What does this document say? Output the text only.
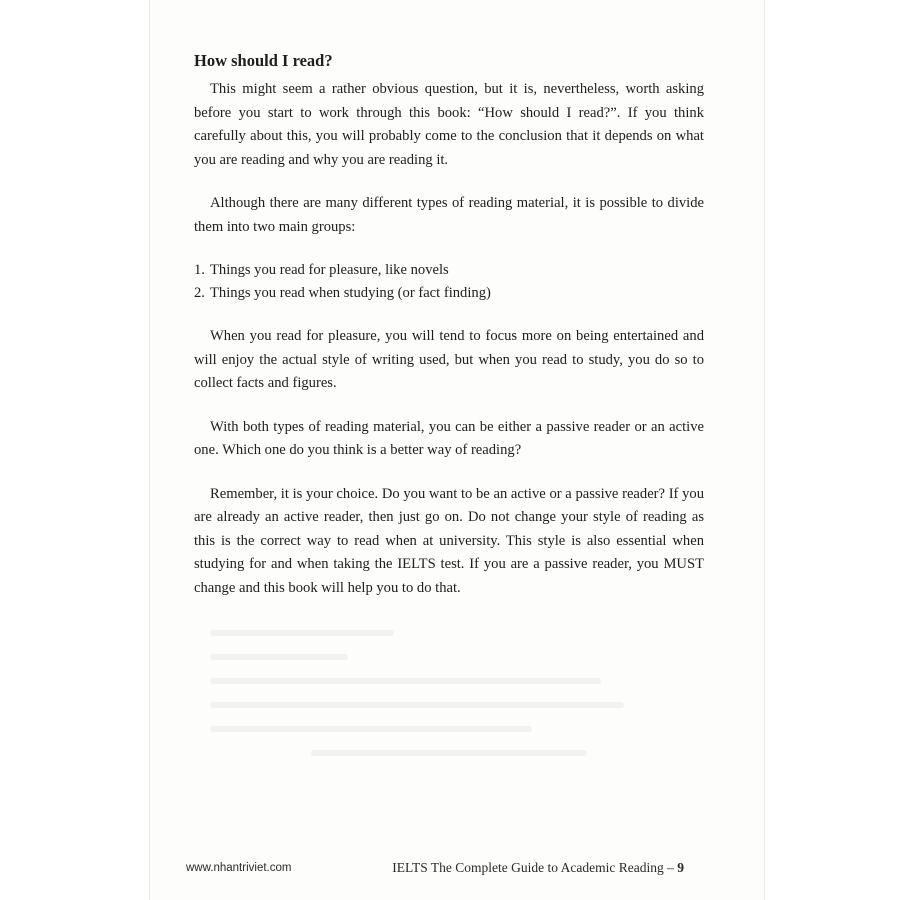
How should I read?

This might seem a rather obvious question, but it is, nevertheless, worth asking before you start to work through this book: “How should I read?”. If you think carefully about this, you will probably come to the conclusion that it depends on what you are reading and why you are reading it.

Although there are many different types of reading material, it is possible to divide them into two main groups:

1. Things you read for pleasure, like novels
2. Things you read when studying (or fact finding)

When you read for pleasure, you will tend to focus more on being entertained and will enjoy the actual style of writing used, but when you read to study, you do so to collect facts and figures.

With both types of reading material, you can be either a passive reader or an active one. Which one do you think is a better way of reading?

Remember, it is your choice. Do you want to be an active or a passive reader? If you are already an active reader, then just go on. Do not change your style of reading as this is the correct way to read when at university. This style is also essential when studying for and when taking the IELTS test. If you are a passive reader, you MUST change and this book will help you to do that.

www.nhantriviet.com	IELTS The Complete Guide to Academic Reading – 9
